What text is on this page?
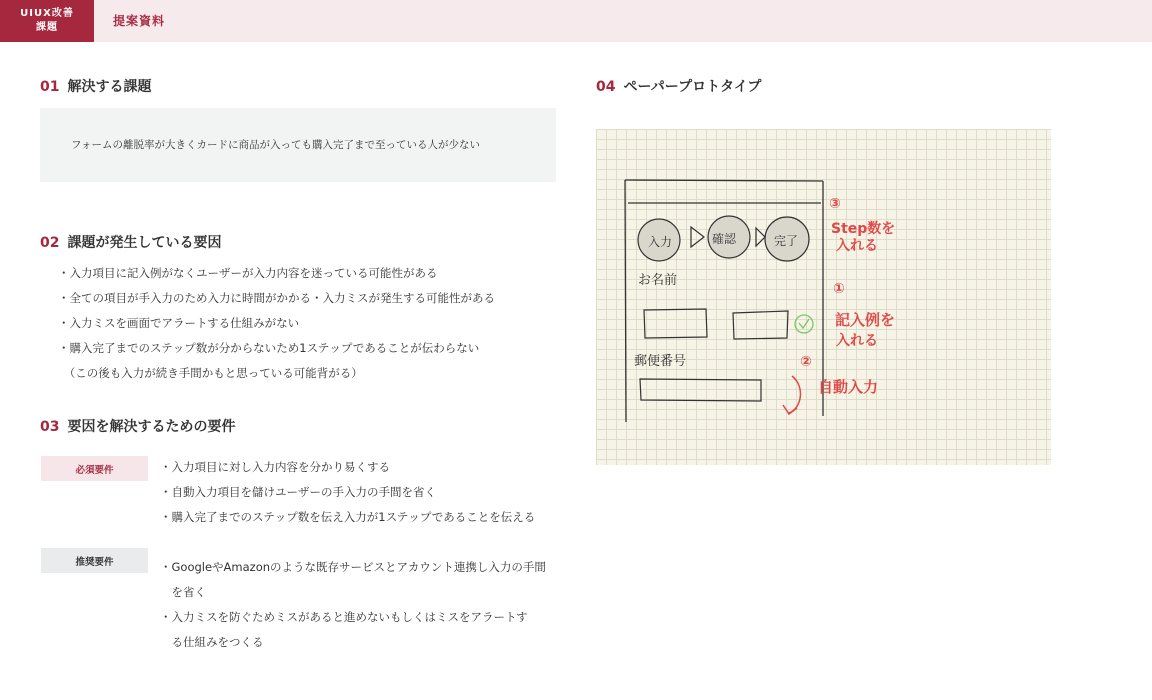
UIUX改善
課題	提案資料
01 解決する課題
フォームの離脱率が大きくカードに商品が入っても購入完了まで至っている人が少ない
02 課題が発生している要因
・入力項目に記入例がなくユーザーが入力内容を迷っている可能性がある
・全ての項目が手入力のため入力に時間がかかる・入力ミスが発生する可能性がある
・入力ミスを画面でアラートする仕組みがない
・購入完了までのステップ数が分からないため1ステップであることが伝わらない
　（この後も入力が続き手間かもと思っている可能背がる）
03 要因を解決するための要件
必須要件	・入力項目に対し入力内容を分かり易くする
・自動入力項目を儲けユーザーの手入力の手間を省く
・購入完了までのステップ数を伝え入力が1ステップであることを伝える
推奨要件	・GoogleやAmazonのような既存サービスとアカウント連携し入力の手間
　を省く
・入力ミスを防ぐためミスがあると進めないもしくはミスをアラートす
　る仕組みをつくる
04 ペーパープロトタイプ
入力	確認	完了
お名前
郵便番号
③
Step数を
入れる
①
記入例を
入れる
②
自動入力
